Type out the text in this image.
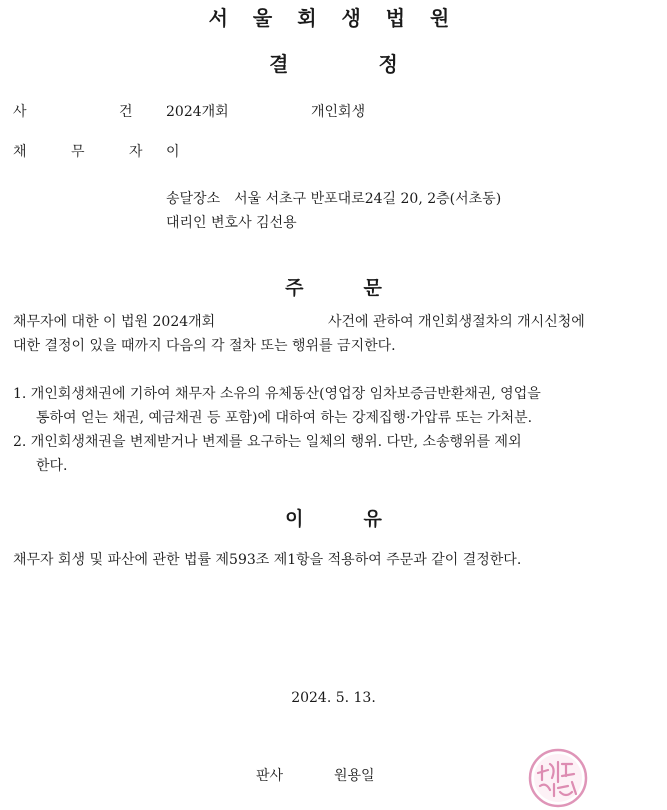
서 울 회 생 법 원
결	정
사 건
2024개회	개인회생
채 무 자 이
송달장소 서울 서초구 반포대로24길 20, 2층(서초동)
대리인 변호사 김선용
주	문
채무자에 대한 이 법원 2024개회	사건에 관하여 개인회생절차의 개시신청에
대한 결정이 있을 때까지 다음의 각 절차 또는 행위를 금지한다.
1. 개인회생채권에 기하여 채무자 소유의 유체동산(영업장 임차보증금반환채권, 영업을
통하여 얻는 채권, 예금채권 등 포함)에 대하여 하는 강제집행·가압류 또는 가처분.
2. 개인회생채권을 변제받거나 변제를 요구하는 일체의 행위. 다만, 소송행위를 제외
한다.
이	유
채무자 회생 및 파산에 관한 법률 제593조 제1항을 적용하여 주문과 같이 결정한다.
2024. 5. 13.
판사	원용일
